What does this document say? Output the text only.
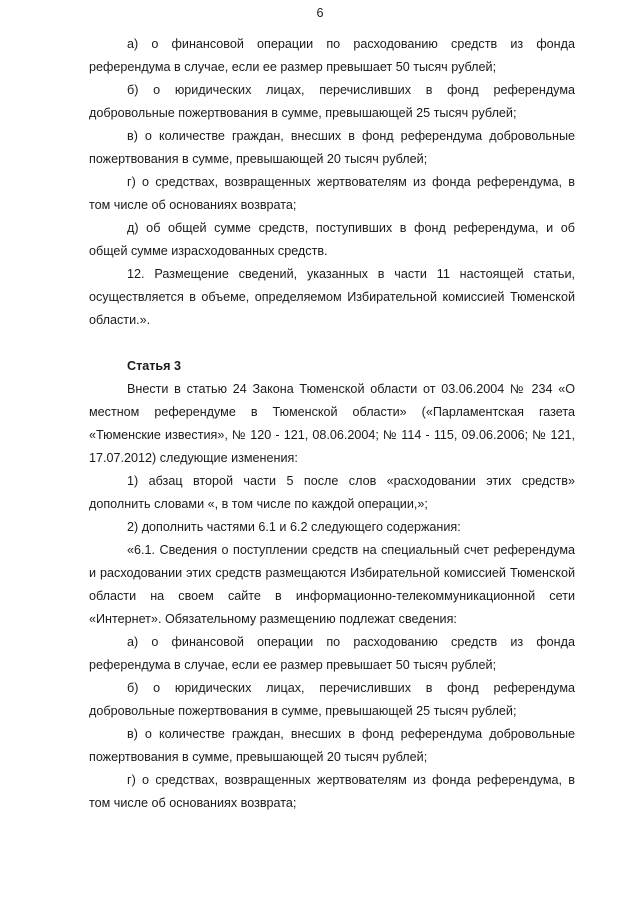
6

а) о финансовой операции по расходованию средств из фонда референдума в случае, если ее размер превышает 50 тысяч рублей;

б) о юридических лицах, перечисливших в фонд референдума добровольные пожертвования в сумме, превышающей 25 тысяч рублей;

в) о количестве граждан, внесших в фонд референдума добровольные пожертвования в сумме, превышающей 20 тысяч рублей;

г) о средствах, возвращенных жертвователям из фонда референдума, в том числе об основаниях возврата;

д) об общей сумме средств, поступивших в фонд референдума, и об общей сумме израсходованных средств.

12. Размещение сведений, указанных в части 11 настоящей статьи, осуществляется в объеме, определяемом Избирательной комиссией Тюменской области.».

Статья 3

Внести в статью 24 Закона Тюменской области от 03.06.2004 № 234 «О местном референдуме в Тюменской области» («Парламентская газета «Тюменские известия», № 120 - 121, 08.06.2004; № 114 - 115, 09.06.2006; № 121, 17.07.2012) следующие изменения:

1) абзац второй части 5 после слов «расходовании этих средств» дополнить словами «, в том числе по каждой операции,»;

2) дополнить частями 6.1 и 6.2 следующего содержания:

«6.1. Сведения о поступлении средств на специальный счет референдума и расходовании этих средств размещаются Избирательной комиссией Тюменской области на своем сайте в информационно-телекоммуникационной сети «Интернет». Обязательному размещению подлежат сведения:

а) о финансовой операции по расходованию средств из фонда референдума в случае, если ее размер превышает 50 тысяч рублей;

б) о юридических лицах, перечисливших в фонд референдума добровольные пожертвования в сумме, превышающей 25 тысяч рублей;

в) о количестве граждан, внесших в фонд референдума добровольные пожертвования в сумме, превышающей 20 тысяч рублей;

г) о средствах, возвращенных жертвователям из фонда референдума, в том числе об основаниях возврата;
